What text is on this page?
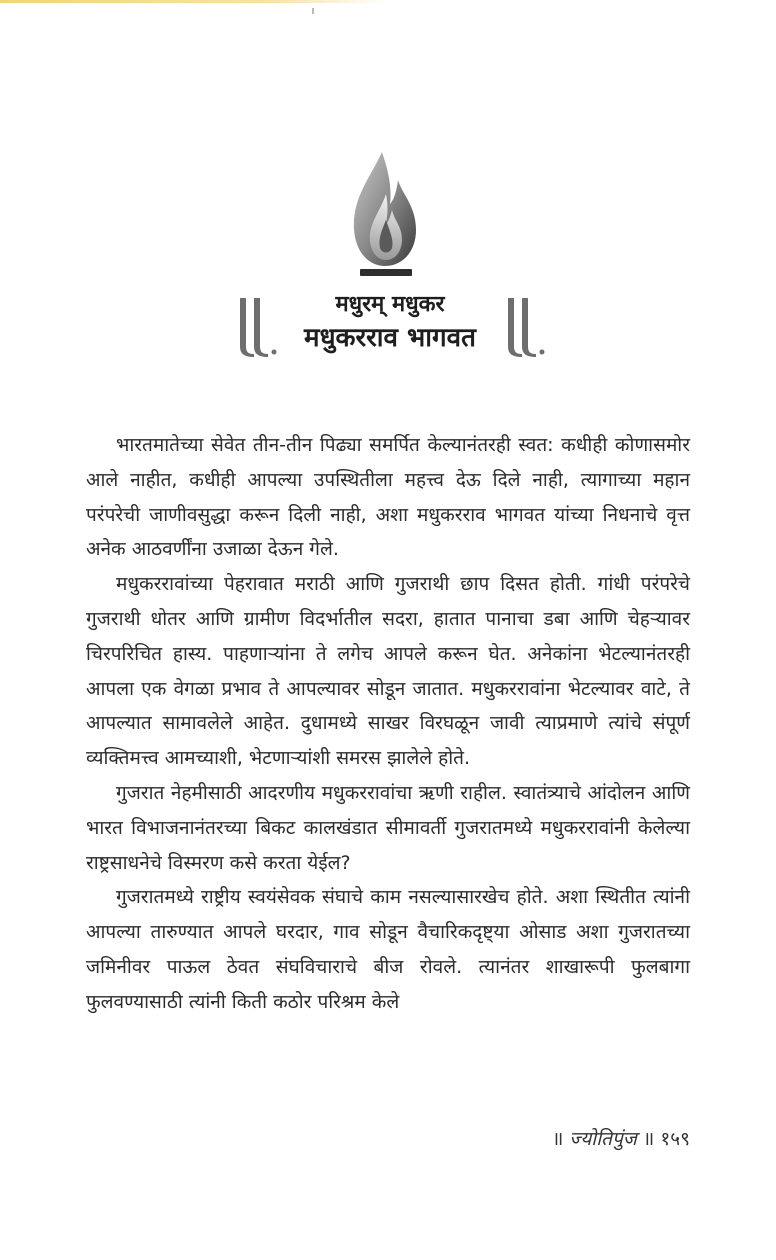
मधुरम् मधुकर
मधुकरराव भागवत

भारतमातेच्या सेवेत तीन-तीन पिढ्या समर्पित केल्यानंतरही स्वत: कधीही कोणासमोर आले नाहीत, कधीही आपल्या उपस्थितीला महत्त्व देऊ दिले नाही, त्यागाच्या महान परंपरेची जाणीवसुद्धा करून दिली नाही, अशा मधुकरराव भागवत यांच्या निधनाचे वृत्त अनेक आठवर्णींना उजाळा देऊन गेले.

मधुकररावांच्या पेहरावात मराठी आणि गुजराथी छाप दिसत होती. गांधी परंपरेचे गुजराथी धोतर आणि ग्रामीण विदर्भातील सदरा, हातात पानाचा डबा आणि चेहऱ्यावर चिरपरिचित हास्य. पाहणाऱ्यांना ते लगेच आपले करून घेत. अनेकांना भेटल्यानंतरही आपला एक वेगळा प्रभाव ते आपल्यावर सोडून जातात. मधुकररावांना भेटल्यावर वाटे, ते आपल्यात सामावलेले आहेत. दुधामध्ये साखर विरघळून जावी त्याप्रमाणे त्यांचे संपूर्ण व्यक्तिमत्त्व आमच्याशी, भेटणाऱ्यांशी समरस झालेले होते.

गुजरात नेहमीसाठी आदरणीय मधुकररावांचा ऋणी राहील. स्वातंत्र्याचे आंदोलन आणि भारत विभाजनानंतरच्या बिकट कालखंडात सीमावर्ती गुजरातमध्ये मधुकररावांनी केलेल्या राष्ट्रसाधनेचे विस्मरण कसे करता येईल?

गुजरातमध्ये राष्ट्रीय स्वयंसेवक संघाचे काम नसल्यासारखेच होते. अशा स्थितीत त्यांनी आपल्या तारुण्यात आपले घरदार, गाव सोडून वैचारिकदृष्ट्या ओसाड अशा गुजरातच्या जमिनीवर पाऊल ठेवत संघविचाराचे बीज रोवले. त्यानंतर शाखारूपी फुलबागा फुलवण्यासाठी त्यांनी किती कठोर परिश्रम केले

॥ ज्योतिपुंज ॥ १५९
